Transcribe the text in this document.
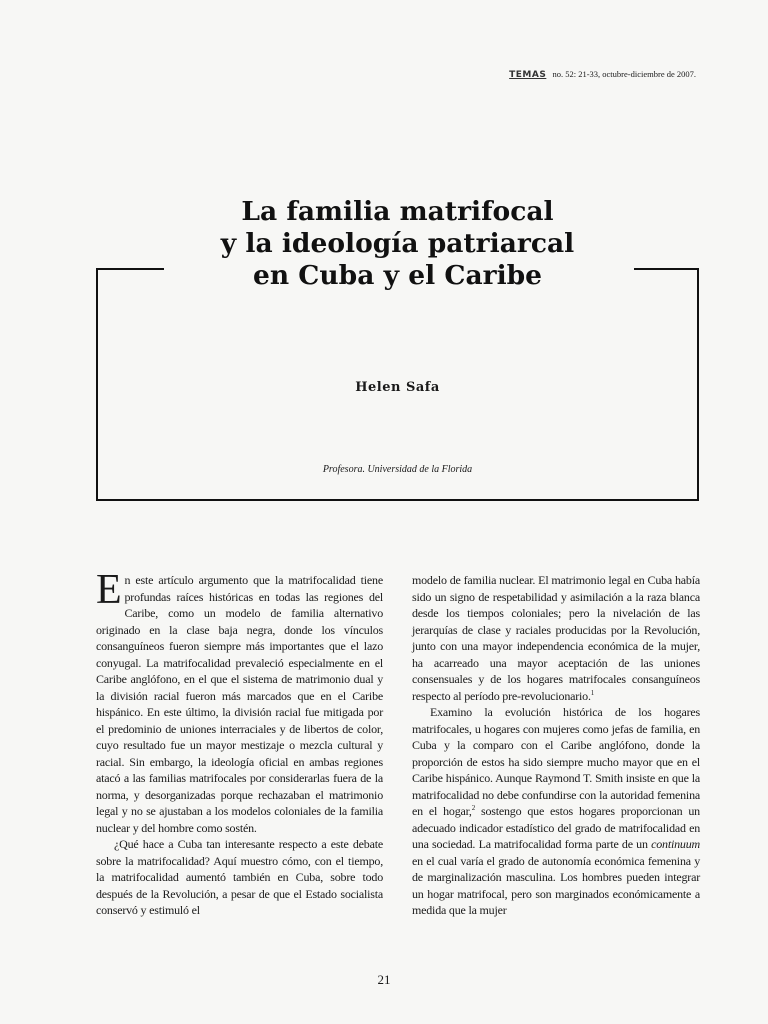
TEMAS no. 52: 21-33, octubre-diciembre de 2007.
La familia matrifocal
y la ideología patriarcal
en Cuba y el Caribe
Helen Safa
Profesora. Universidad de la Florida

En este artículo argumento que la matrifocalidad tiene profundas raíces históricas en todas las regiones del Caribe, como un modelo de familia alternativo originado en la clase baja negra, donde los vínculos consanguíneos fueron siempre más importantes que el lazo conyugal. La matrifocalidad prevaleció especialmente en el Caribe anglófono, en el que el sistema de matrimonio dual y la división racial fueron más marcados que en el Caribe hispánico. En este último, la división racial fue mitigada por el predominio de uniones interraciales y de libertos de color, cuyo resultado fue un mayor mestizaje o mezcla cultural y racial. Sin embargo, la ideología oficial en ambas regiones atacó a las familias matrifocales por considerarlas fuera de la norma, y desorganizadas porque rechazaban el matrimonio legal y no se ajustaban a los modelos coloniales de la familia nuclear y del hombre como sostén.

¿Qué hace a Cuba tan interesante respecto a este debate sobre la matrifocalidad? Aquí muestro cómo, con el tiempo, la matrifocalidad aumentó también en Cuba, sobre todo después de la Revolución, a pesar de que el Estado socialista conservó y estimuló el

modelo de familia nuclear. El matrimonio legal en Cuba había sido un signo de respetabilidad y asimilación a la raza blanca desde los tiempos coloniales; pero la nivelación de las jerarquías de clase y raciales producidas por la Revolución, junto con una mayor independencia económica de la mujer, ha acarreado una mayor aceptación de las uniones consensuales y de los hogares matrifocales consanguíneos respecto al período pre-revolucionario.$^1$

Examino la evolución histórica de los hogares matrifocales, u hogares con mujeres como jefas de familia, en Cuba y la comparo con el Caribe anglófono, donde la proporción de estos ha sido siempre mucho mayor que en el Caribe hispánico. Aunque Raymond T. Smith insiste en que la matrifocalidad no debe confundirse con la autoridad femenina en el hogar,$^2$ sostengo que estos hogares proporcionan un adecuado indicador estadístico del grado de matrifocalidad en una sociedad. La matrifocalidad forma parte de un continuum en el cual varía el grado de autonomía económica femenina y de marginalización masculina. Los hombres pueden integrar un hogar matrifocal, pero son marginados económicamente a medida que la mujer

21
